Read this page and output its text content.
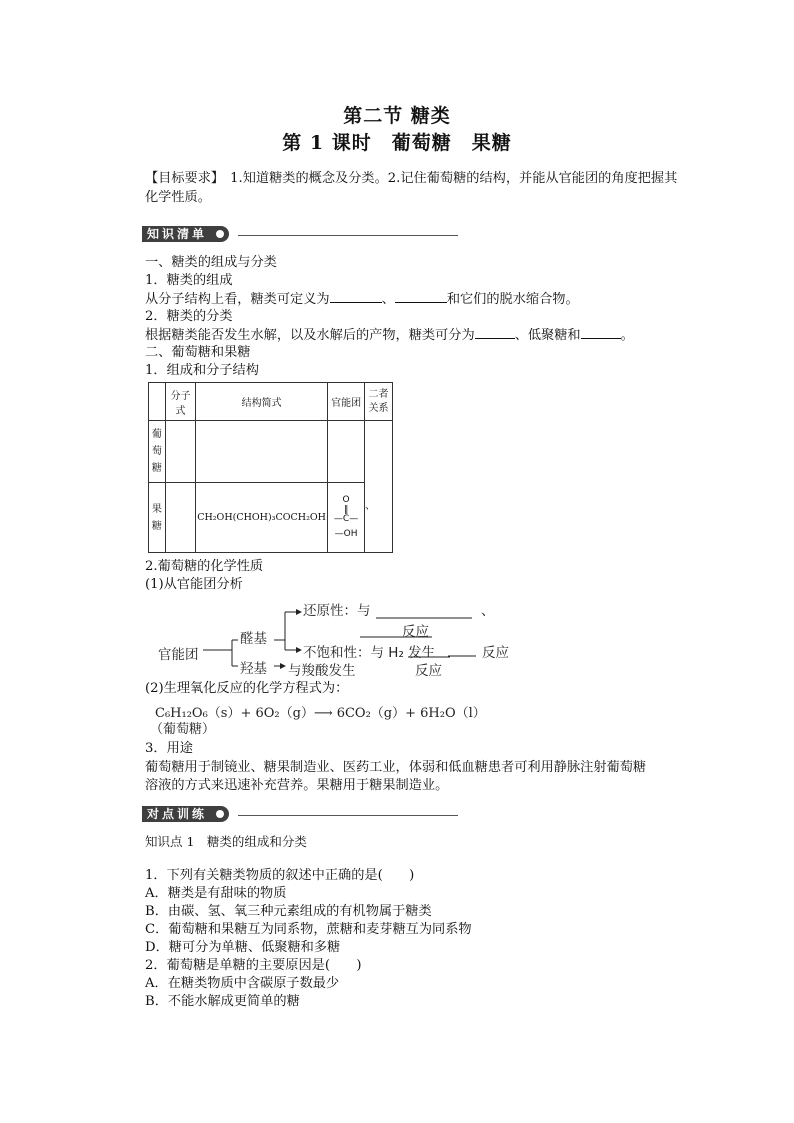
第二节 糖类
第 1 课时　葡萄糖　果糖
【目标要求】 1.知道糖类的概念及分类。2.记住葡萄糖的结构，并能从官能团的角度把握其
化学性质。
知识清单
一、糖类的组成与分类
1．糖类的组成
从分子结构上看，糖类可定义为	、	和它们的脱水缩合物。
2．糖类的分类
根据糖类能否发生水解，以及水解后的产物，糖类可分为	、低聚糖和	。
二、葡萄糖和果糖
1．组成和分子结构
	分子式	结构简式	官能团	二者关系

葡萄糖				、

果糖		CH₂OH(CHOH)₃COCH₂OH	O
‖
—C—
—OH	
2.葡萄糖的化学性质
(1)从官能团分析
官能团
醛基
羟基
还原性：与	、
反应
不饱和性：与 H₂ 发生	反应
反应
与羧酸发生
(2)生理氧化反应的化学方程式为：
C₆H₁₂O₆（s）+ 6O₂（g）⟶ 6CO₂（g）+ 6H₂O（l）
（葡萄糖）
3．用途
葡萄糖用于制镜业、糖果制造业、医药工业，体弱和低血糖患者可利用静脉注射葡萄糖
溶液的方式来迅速补充营养。果糖用于糖果制造业。
对点训练
知识点 1　糖类的组成和分类
1．下列有关糖类物质的叙述中正确的是(　　)
A．糖类是有甜味的物质
B．由碳、氢、氧三种元素组成的有机物属于糖类
C．葡萄糖和果糖互为同系物，蔗糖和麦芽糖互为同系物
D．糖可分为单糖、低聚糖和多糖
2．葡萄糖是单糖的主要原因是(　　)
A．在糖类物质中含碳原子数最少
B．不能水解成更简单的糖
